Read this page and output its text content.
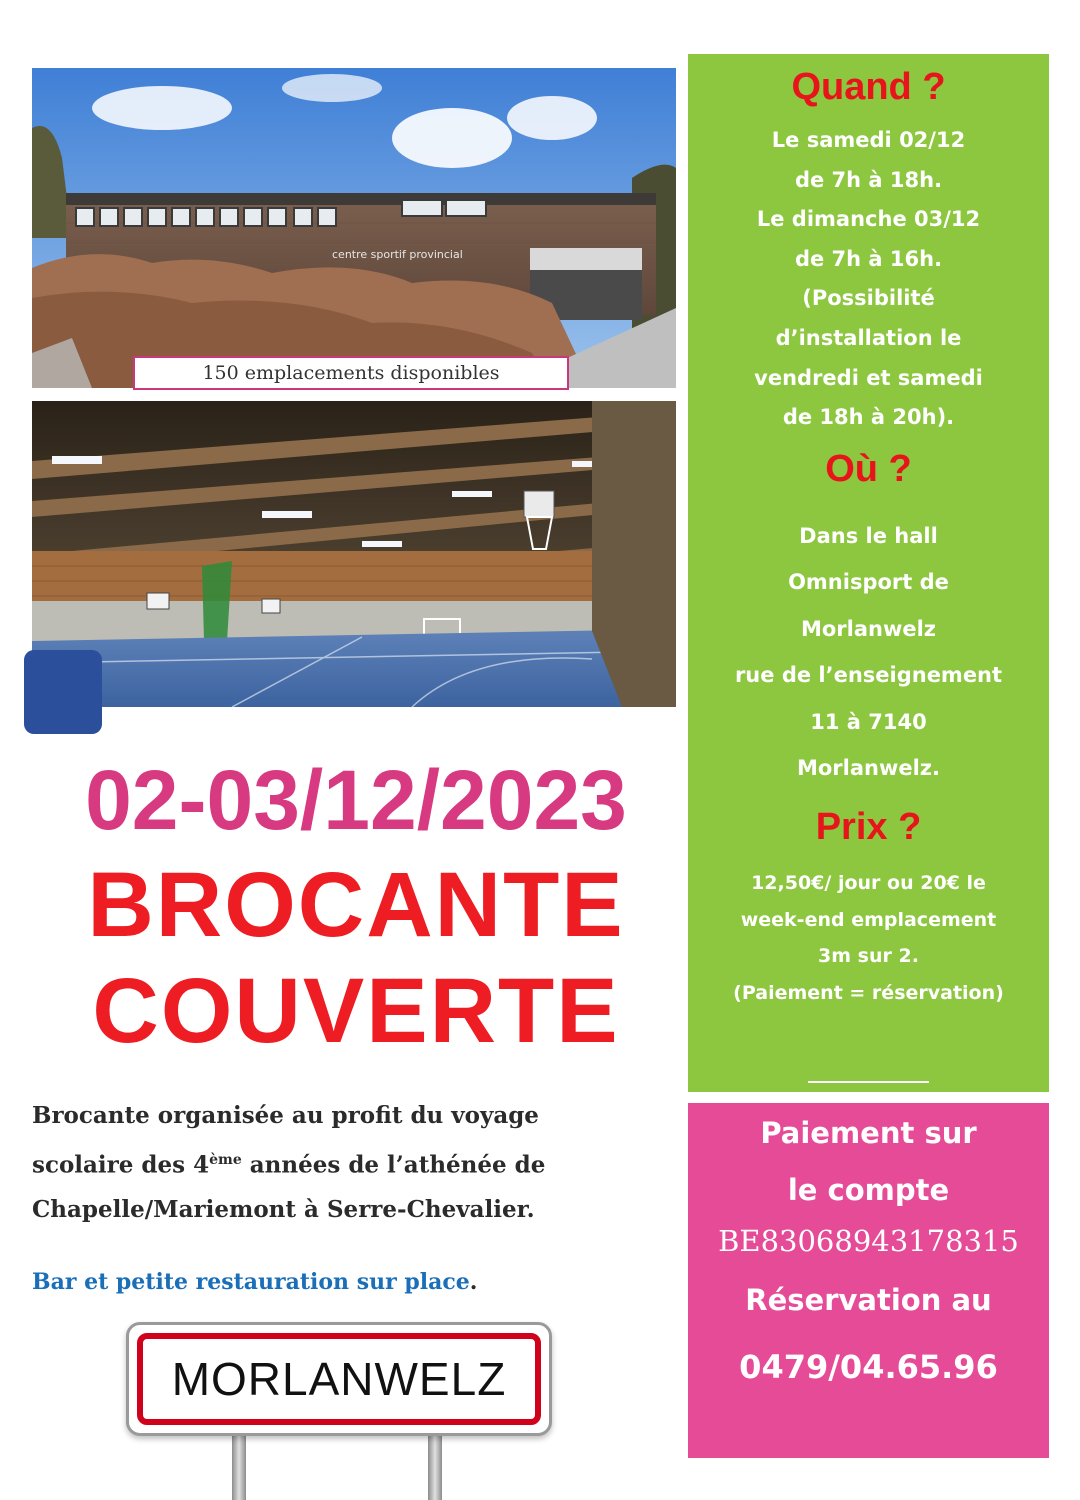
centre sportif provincial
150 emplacements disponibles
02-03/12/2023
BROCANTE
COUVERTE
Brocante organisée au profit du voyage
scolaire des 4ème années de l’athénée de
Chapelle/Mariemont à Serre-Chevalier.
Bar et petite restauration sur place.
MORLANWELZ
Quand ?
Le samedi 02/12
de 7h à 18h.
Le dimanche 03/12
de 7h à 16h.
(Possibilité
d’installation le
vendredi et samedi
de 18h à 20h).
Où ?
Dans le hall
Omnisport de
Morlanwelz
rue de l’enseignement
11 à 7140
Morlanwelz.
Prix ?
12,50€/ jour ou 20€ le
week-end emplacement
3m sur 2.
(Paiement = réservation)
Paiement sur
le compte
BE83068943178315
Réservation au
0479/04.65.96
